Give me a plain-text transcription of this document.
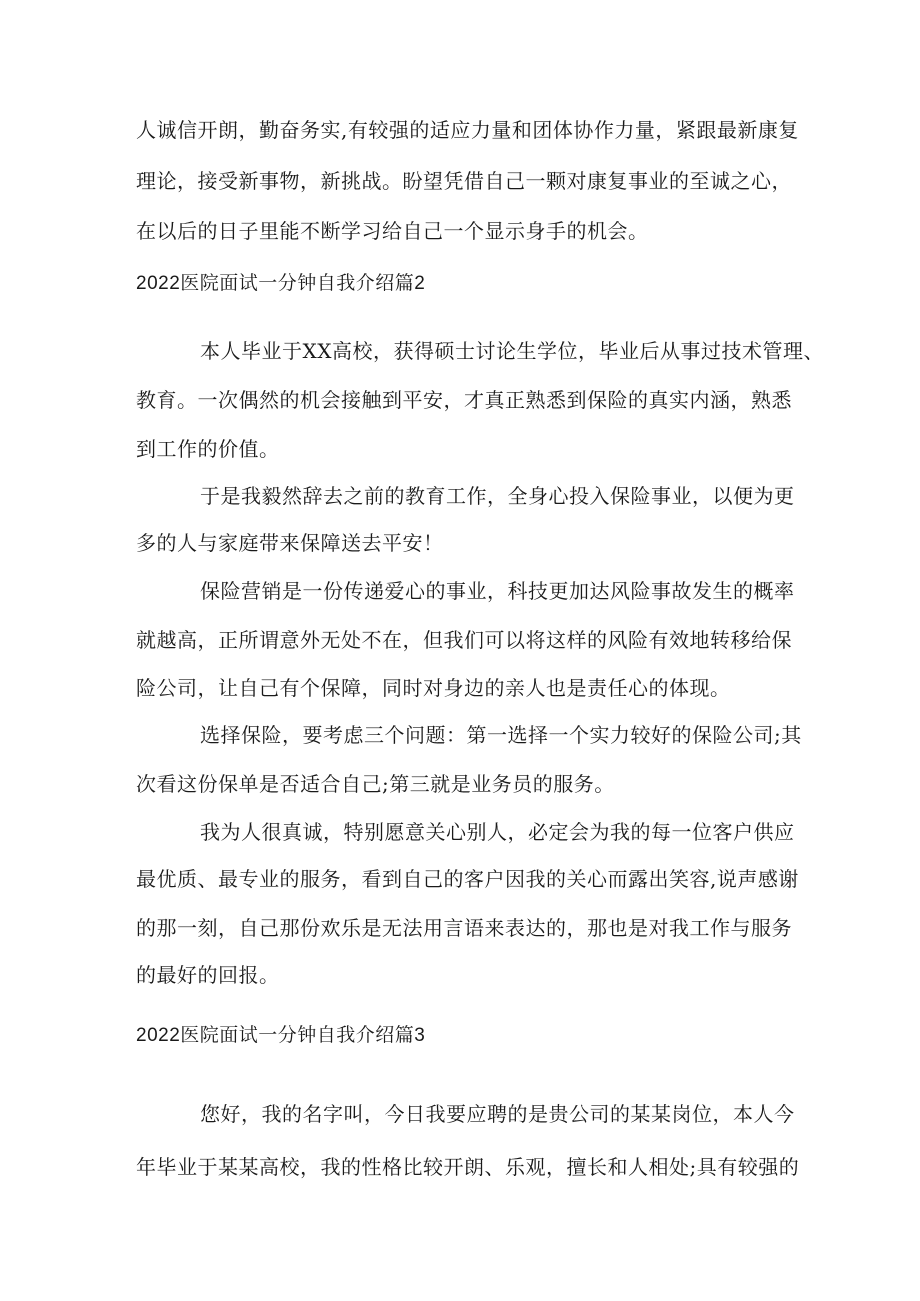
人诚信开朗，勤奋务实,有较强的适应力量和团体协作力量，紧跟最新康复
理论，接受新事物，新挑战。盼望凭借自己一颗对康复事业的至诚之心，
在以后的日子里能不断学习给自己一个显示身手的机会。
2022医院面试一分钟自我介绍篇2
本人毕业于XX高校，获得硕士讨论生学位，毕业后从事过技术管理、
教育。一次偶然的机会接触到平安，才真正熟悉到保险的真实内涵，熟悉
到工作的价值。
于是我毅然辞去之前的教育工作，全身心投入保险事业，以便为更
多的人与家庭带来保障送去平安！
保险营销是一份传递爱心的事业，科技更加达风险事故发生的概率
就越高，正所谓意外无处不在，但我们可以将这样的风险有效地转移给保
险公司，让自己有个保障，同时对身边的亲人也是责任心的体现。
选择保险，要考虑三个问题：第一选择一个实力较好的保险公司;其
次看这份保单是否适合自己;第三就是业务员的服务。
我为人很真诚，特别愿意关心别人，必定会为我的每一位客户供应
最优质、最专业的服务，看到自己的客户因我的关心而露出笑容,说声感谢
的那一刻，自己那份欢乐是无法用言语来表达的，那也是对我工作与服务
的最好的回报。
2022医院面试一分钟自我介绍篇3
您好，我的名字叫，今日我要应聘的是贵公司的某某岗位，本人今
年毕业于某某高校，我的性格比较开朗、乐观，擅长和人相处;具有较强的
